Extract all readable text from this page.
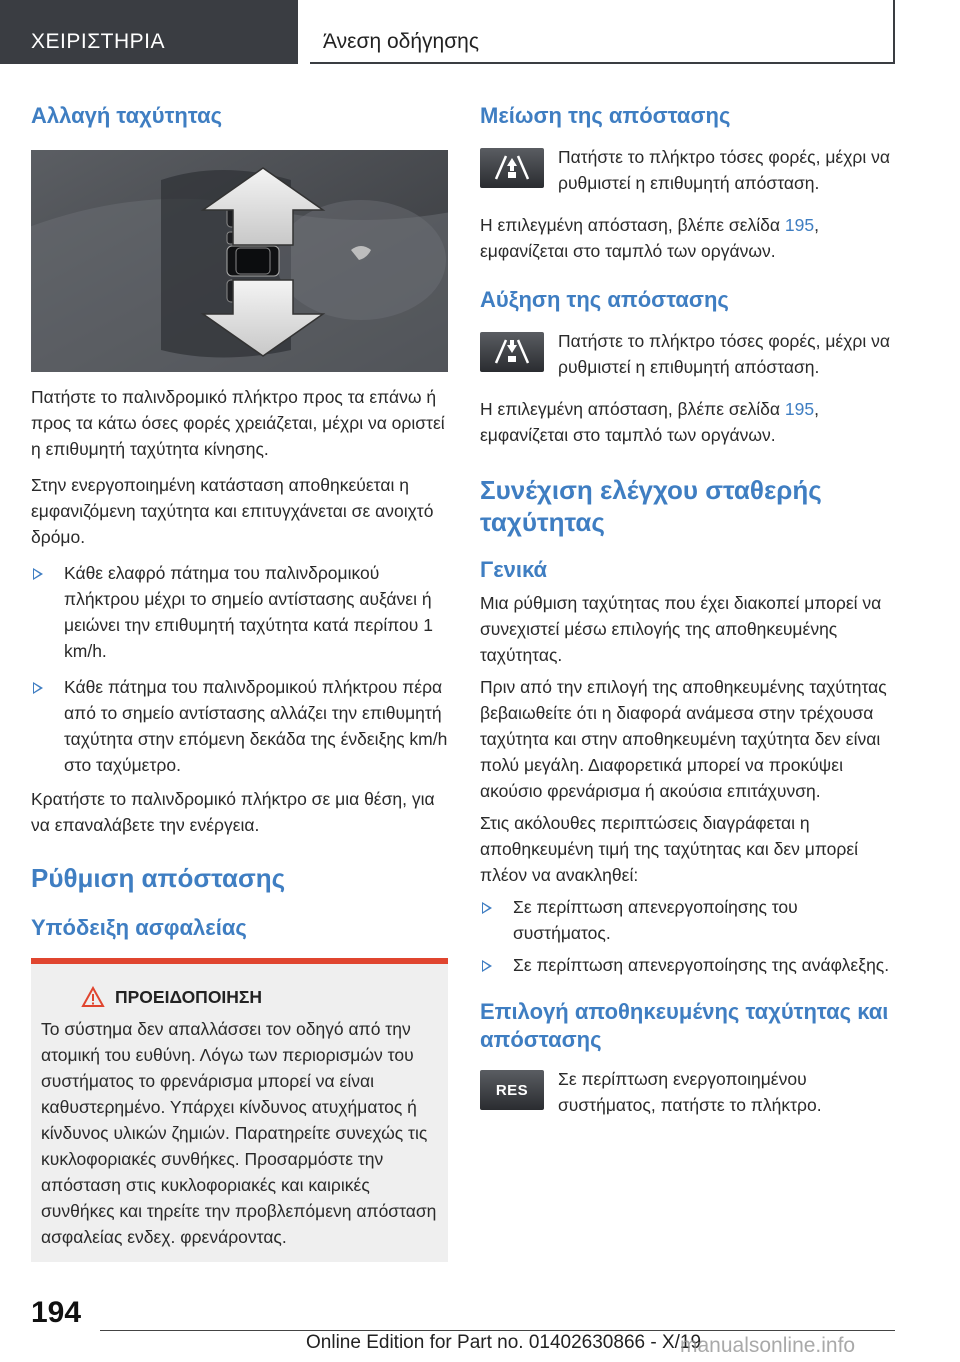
ΧΕΙΡΙΣΤΗΡΙΑ	Άνεση οδήγησης
Αλλαγή ταχύτητας

Πατήστε το παλινδρομικό πλήκτρο προς τα επάνω ή προς τα κάτω όσες φορές χρειάζεται, μέχρι να οριστεί η επιθυμητή ταχύτητα κίνησης.

Στην ενεργοποιημένη κατάσταση αποθηκεύεται η εμφανιζόμενη ταχύτητα και επιτυγχάνεται σε ανοιχτό δρόμο.

Κάθε ελαφρό πάτημα του παλινδρομικού πλήκτρου μέχρι το σημείο αντίστασης αυξάνει ή μειώνει την επιθυμητή ταχύτητα κατά περίπου 1 km/h.
Κάθε πάτημα του παλινδρομικού πλήκτρου πέρα από το σημείο αντίστασης αλλάζει την επιθυμητή ταχύτητα στην επόμενη δεκάδα της ένδειξης km/h στο ταχύμετρο.

Κρατήστε το παλινδρομικό πλήκτρο σε μια θέση, για να επαναλάβετε την ενέργεια.

Ρύθμιση απόστασης
Υπόδειξη ασφαλείας
ΠΡΟΕΙΔΟΠΟΙΗΣΗ

Το σύστημα δεν απαλλάσσει τον οδηγό από την ατομική του ευθύνη. Λόγω των περιορισμών του συστήματος το φρενάρισμα μπορεί να είναι καθυστερημένο. Υπάρχει κίνδυνος ατυχήματος ή κίνδυνος υλικών ζημιών. Παρατηρείτε συνεχώς τις κυκλοφοριακές συνθήκες. Προσαρμόστε την απόσταση στις κυκλοφοριακές και καιρικές συνθήκες και τηρείτε την προβλεπόμενη απόσταση ασφαλείας ενδεχ. φρενάροντας.

Μείωση της απόστασης

Πατήστε το πλήκτρο τόσες φορές, μέχρι να ρυθμιστεί η επιθυμητή απόσταση.

Η επιλεγμένη απόσταση, βλέπε σελίδα 195, εμφανίζεται στο ταμπλό των οργάνων.

Αύξηση της απόστασης

Πατήστε το πλήκτρο τόσες φορές, μέχρι να ρυθμιστεί η επιθυμητή απόσταση.

Η επιλεγμένη απόσταση, βλέπε σελίδα 195, εμφανίζεται στο ταμπλό των οργάνων.

Συνέχιση ελέγχου σταθερής ταχύτητας
Γενικά

Μια ρύθμιση ταχύτητας που έχει διακοπεί μπορεί να συνεχιστεί μέσω επιλογής της αποθηκευμένης ταχύτητας.

Πριν από την επιλογή της αποθηκευμένης ταχύτητας βεβαιωθείτε ότι η διαφορά ανάμεσα στην τρέχουσα ταχύτητα και στην αποθηκευμένη ταχύτητα δεν είναι πολύ μεγάλη. Διαφορετικά μπορεί να προκύψει ακούσιο φρενάρισμα ή ακούσια επιτάχυνση.

Στις ακόλουθες περιπτώσεις διαγράφεται η αποθηκευμένη τιμή της ταχύτητας και δεν μπορεί πλέον να ανακληθεί:

Σε περίπτωση απενεργοποίησης του συστήματος.
Σε περίπτωση απενεργοποίησης της ανάφλεξης.
Επιλογή αποθηκευμένης ταχύτητας και απόστασης
RES

Σε περίπτωση ενεργοποιημένου συστήματος, πατήστε το πλήκτρο.

194
Online Edition for Part no. 01402630866 - X/19
manualsonline.info
